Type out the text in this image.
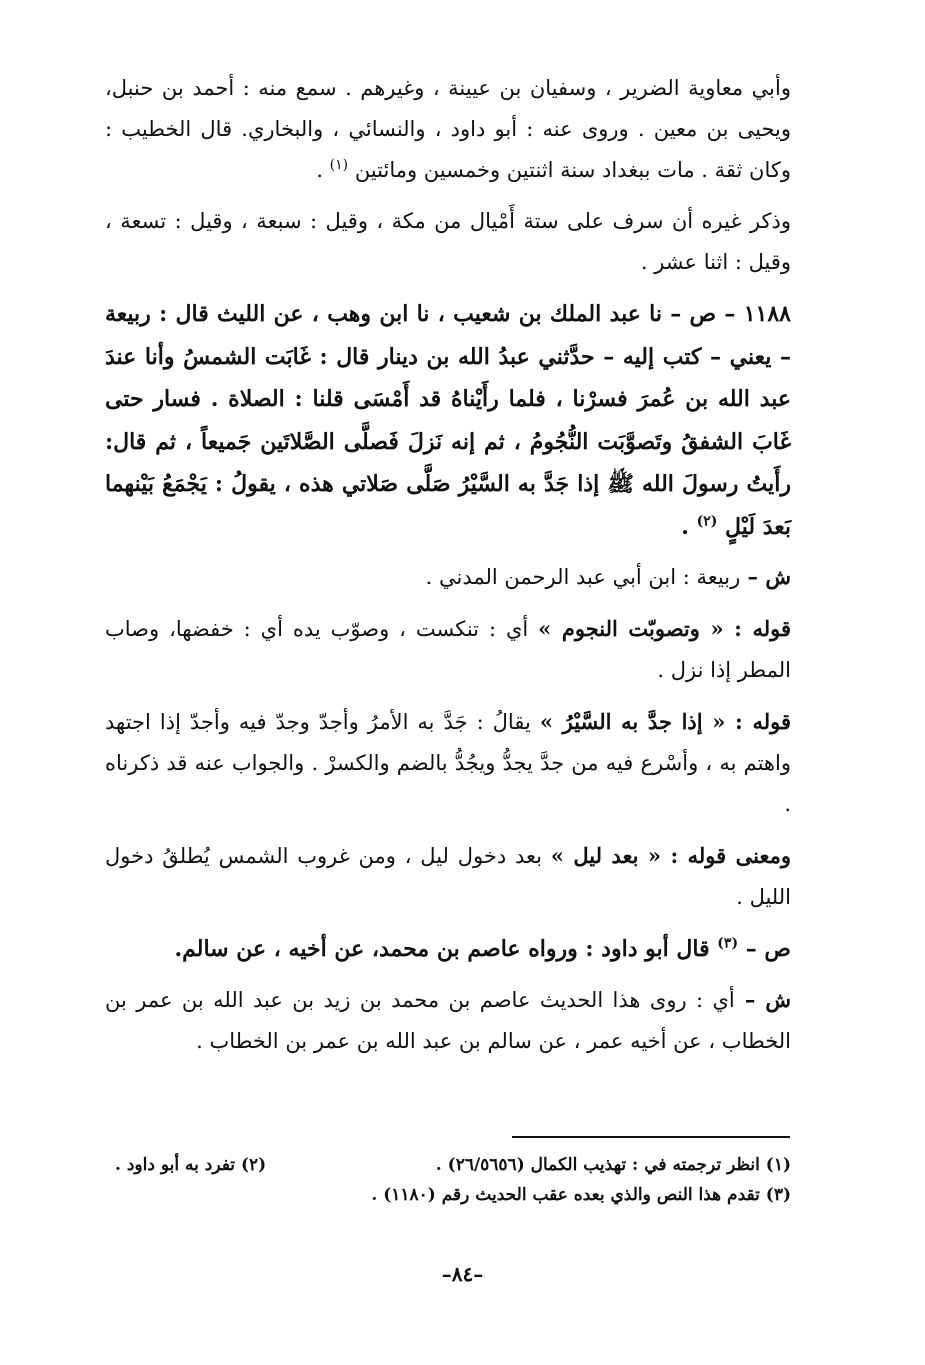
وأبي معاوية الضرير ، وسفيان بن عيينة ، وغيرهم . سمع منه : أحمد بن حنبل، ويحيى بن معين . وروى عنه : أبو داود ، والنسائي ، والبخاري. قال الخطيب : وكان ثقة . مات ببغداد سنة اثنتين وخمسين ومائتين $^{(١)}$ .

وذكر غيره أن سرف على ستة أَمْيال من مكة ، وقيل : سبعة ، وقيل : تسعة ، وقيل : اثنا عشر .

١١٨٨ – ص – نا عبد الملك بن شعيب ، نا ابن وهب ، عن الليث قال : ربيعة – يعني – كتب إليه – حدَّثني عبدُ الله بن دينار قال : غَابَت الشمسُ وأنا عندَ عبد الله بن عُمرَ فسرْنا ، فلما رأَيْناهُ قد أَمْسَى قلنا : الصلاة . فسار حتى غَابَ الشفقُ وتَصوَّبَت النُّجُومُ ، ثم إنه نَزلَ فَصلَّى الصَّلاتَين جَميعاً ، ثم قال: رأَيتُ رسولَ الله ﷺ إذا جَدَّ به السَّيْرُ صَلَّى صَلاتي هذه ، يقولُ : يَجْمَعُ بَيْنهما بَعدَ لَيْلٍ $^{(٢)}$ .

ش – ربيعة : ابن أبي عبد الرحمن المدني .

قوله : « وتصوبّت النجوم » أي : تنكست ، وصوّب يده أي : خفضها، وصاب المطر إذا نزل .

قوله : « إذا جدَّ به السَّيْرُ » يقالُ : جَدَّ به الأمرُ وأجدّ وجدّ فيه وأجدّ إذا اجتهد واهتم به ، وأسْرع فيه من جدَّ يجدُّ ويجُدُّ بالضم والكسرْ . والجواب عنه قد ذكرناه .

ومعنى قوله : « بعد ليل » بعد دخول ليل ، ومن غروب الشمس يُطلقُ دخول الليل .

ص – $^{(٣)}$ قال أبو داود : ورواه عاصم بن محمد، عن أخيه ، عن سالم.

ش – أي : روى هذا الحديث عاصم بن محمد بن زيد بن عبد الله بن عمر بن الخطاب ، عن أخيه عمر ، عن سالم بن عبد الله بن عمر بن الخطاب .

(١) انظر ترجمته في : تهذيب الكمال (٢٦/٥٦٥٦) .
(٢) تفرد به أبو داود .
(٣) تقدم هذا النص والذي بعده عقب الحديث رقم (١١٨٠) .
–٨٤–
